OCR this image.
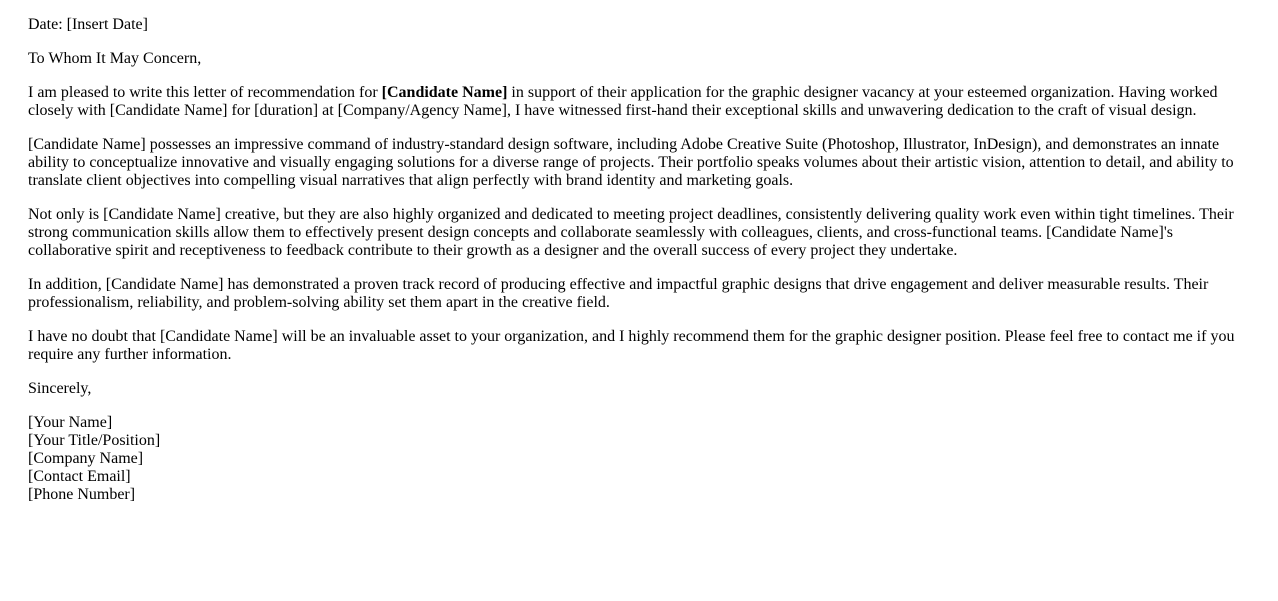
Date: [Insert Date]

To Whom It May Concern,

I am pleased to write this letter of recommendation for [Candidate Name] in support of their application for the graphic designer vacancy at your esteemed organization. Having worked closely with [Candidate Name] for [duration] at [Company/Agency Name], I have witnessed first-hand their exceptional skills and unwavering dedication to the craft of visual design.

[Candidate Name] possesses an impressive command of industry-standard design software, including Adobe Creative Suite (Photoshop, Illustrator, InDesign), and demonstrates an innate ability to conceptualize innovative and visually engaging solutions for a diverse range of projects. Their portfolio speaks volumes about their artistic vision, attention to detail, and ability to translate client objectives into compelling visual narratives that align perfectly with brand identity and marketing goals.

Not only is [Candidate Name] creative, but they are also highly organized and dedicated to meeting project deadlines, consistently delivering quality work even within tight timelines. Their strong communication skills allow them to effectively present design concepts and collaborate seamlessly with colleagues, clients, and cross-functional teams. [Candidate Name]'s collaborative spirit and receptiveness to feedback contribute to their growth as a designer and the overall success of every project they undertake.

In addition, [Candidate Name] has demonstrated a proven track record of producing effective and impactful graphic designs that drive engagement and deliver measurable results. Their professionalism, reliability, and problem-solving ability set them apart in the creative field.

I have no doubt that [Candidate Name] will be an invaluable asset to your organization, and I highly recommend them for the graphic designer position. Please feel free to contact me if you require any further information.

Sincerely,

[Your Name]
[Your Title/Position]
[Company Name]
[Contact Email]
[Phone Number]
